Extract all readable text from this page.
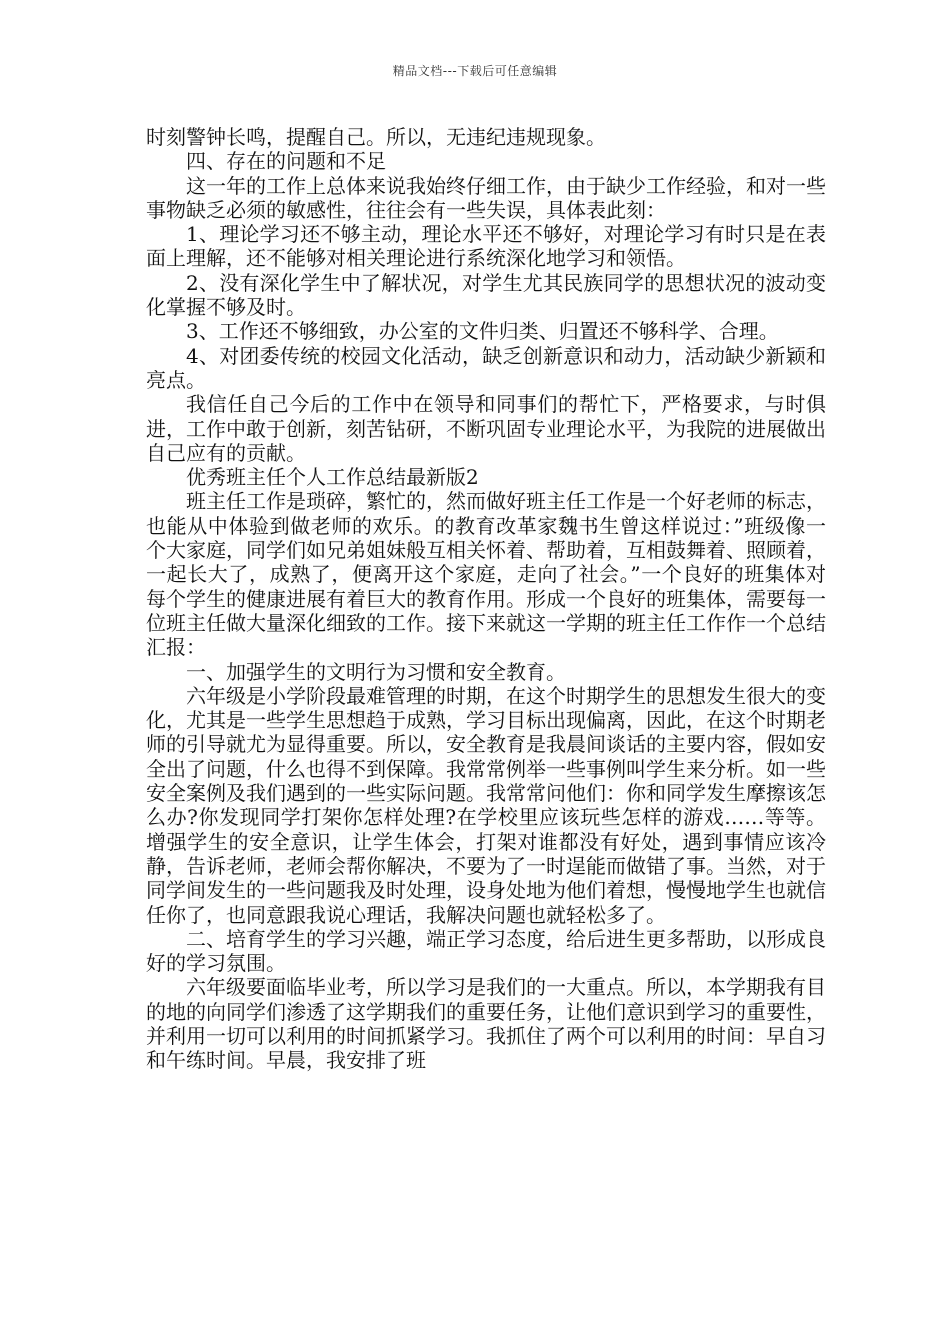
精品文档---下载后可任意编辑

时刻警钟长鸣，提醒自己。所以，无违纪违规现象。

四、存在的问题和不足

这一年的工作上总体来说我始终仔细工作，由于缺少工作经验，和对一些事物缺乏必须的敏感性，往往会有一些失误，具体表此刻：

1、理论学习还不够主动，理论水平还不够好，对理论学习有时只是在表面上理解，还不能够对相关理论进行系统深化地学习和领悟。

2、没有深化学生中了解状况，对学生尤其民族同学的思想状况的波动变化掌握不够及时。

3、工作还不够细致，办公室的文件归类、归置还不够科学、合理。

4、对团委传统的校园文化活动，缺乏创新意识和动力，活动缺少新颖和亮点。

我信任自己今后的工作中在领导和同事们的帮忙下，严格要求，与时俱进，工作中敢于创新，刻苦钻研，不断巩固专业理论水平，为我院的进展做出自己应有的贡献。

优秀班主任个人工作总结最新版2

班主任工作是琐碎，繁忙的，然而做好班主任工作是一个好老师的标志，也能从中体验到做老师的欢乐。的教育改革家魏书生曾这样说过：”班级像一个大家庭，同学们如兄弟姐妹般互相关怀着、帮助着，互相鼓舞着、照顾着，一起长大了，成熟了，便离开这个家庭，走向了社会。”一个良好的班集体对每个学生的健康进展有着巨大的教育作用。形成一个良好的班集体，需要每一位班主任做大量深化细致的工作。接下来就这一学期的班主任工作作一个总结汇报：

一、加强学生的文明行为习惯和安全教育。

六年级是小学阶段最难管理的时期，在这个时期学生的思想发生很大的变化，尤其是一些学生思想趋于成熟，学习目标出现偏离，因此，在这个时期老师的引导就尤为显得重要。所以，安全教育是我晨间谈话的主要内容，假如安全出了问题，什么也得不到保障。我常常例举一些事例叫学生来分析。如一些安全案例及我们遇到的一些实际问题。我常常问他们：你和同学发生摩擦该怎么办?你发现同学打架你怎样处理?在学校里应该玩些怎样的游戏……等等。增强学生的安全意识，让学生体会，打架对谁都没有好处，遇到事情应该冷静，告诉老师，老师会帮你解决，不要为了一时逞能而做错了事。当然，对于同学间发生的一些问题我及时处理，设身处地为他们着想，慢慢地学生也就信任你了，也同意跟我说心理话，我解决问题也就轻松多了。

二、培育学生的学习兴趣，端正学习态度，给后进生更多帮助，以形成良好的学习氛围。

六年级要面临毕业考，所以学习是我们的一大重点。所以，本学期我有目的地的向同学们渗透了这学期我们的重要任务，让他们意识到学习的重要性，并利用一切可以利用的时间抓紧学习。我抓住了两个可以利用的时间：早自习和午练时间。早晨，我安排了班
